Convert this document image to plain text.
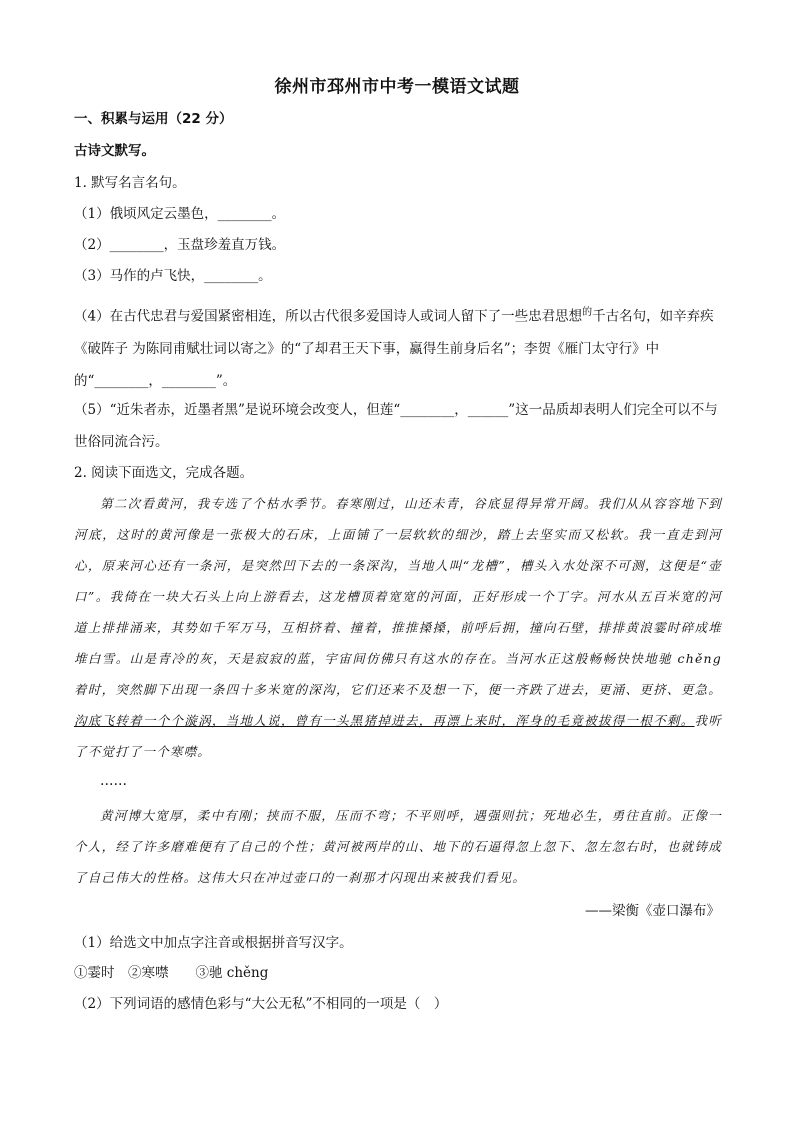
徐州市邳州市中考一模语文试题
一、积累与运用（22 分）
古诗文默写。
1. 默写名言名句。
（1）俄顷风定云墨色，________。
（2）________，玉盘珍羞直万钱。
（3）马作的卢飞快，________。
（4）在古代忠君与爱国紧密相连，所以古代很多爱国诗人或词人留下了一些忠君思想$^的$千古名句，如辛弃疾《破阵子 为陈同甫赋壮词以寄之》的“了却君王天下事，赢得生前身后名”；李贺《雁门太守行》中的“________，________”。
（5）“近朱者赤，近墨者黑”是说环境会改变人，但莲“________，______”这一品质却表明人们完全可以不与世俗同流合污。
2. 阅读下面选文，完成各题。
第二次看黄河，我专选了个枯水季节。春寒刚过，山还未青，谷底显得异常开阔。我们从从容容地下到河底，这时的黄河像是一张极大的石床，上面铺了一层软软的细沙，踏上去坚实而又松软。我一直走到河心，原来河心还有一条河，是突然凹下去的一条深沟，当地人叫“龙槽”，槽头入水处深不可测，这便是“壶口”。我倚在一块大石头上向上游看去，这龙槽顶着宽宽的河面，正好形成一个丁字。河水从五百米宽的河道上排排涌来，其势如千军万马，互相挤着、撞着，推推搡搡，前呼后拥，撞向石壁，排排黄浪霎时碎成堆堆白雪。山是青冷的灰，天是寂寂的蓝，宇宙间仿佛只有这水的存在。当河水正这般畅畅快快地驰 chěng着时，突然脚下出现一条四十多米宽的深沟，它们还来不及想一下，便一齐跌了进去，更涌、更挤、更急。沟底飞转着一个个漩涡，当地人说，曾有一头黑猪掉进去，再漂上来时，浑身的毛竟被拔得一根不剩。我听了不觉打了一个寒噤。
……
黄河博大宽厚，柔中有刚；挟而不服，压而不弯；不平则呼，遇强则抗；死地必生，勇往直前。正像一个人，经了许多磨难便有了自己的个性；黄河被两岸的山、地下的石逼得忽上忽下、忽左忽右时，也就铸成了自己伟大的性格。这伟大只在冲过壶口的一刹那才闪现出来被我们看见。
——梁衡《壶口瀑布》
（1）给选文中加点字注音或根据拼音写汉字。
①霎时　②寒噤　　③驰 chěng
（2）下列词语的感情色彩与“大公无私”不相同的一项是（　）
